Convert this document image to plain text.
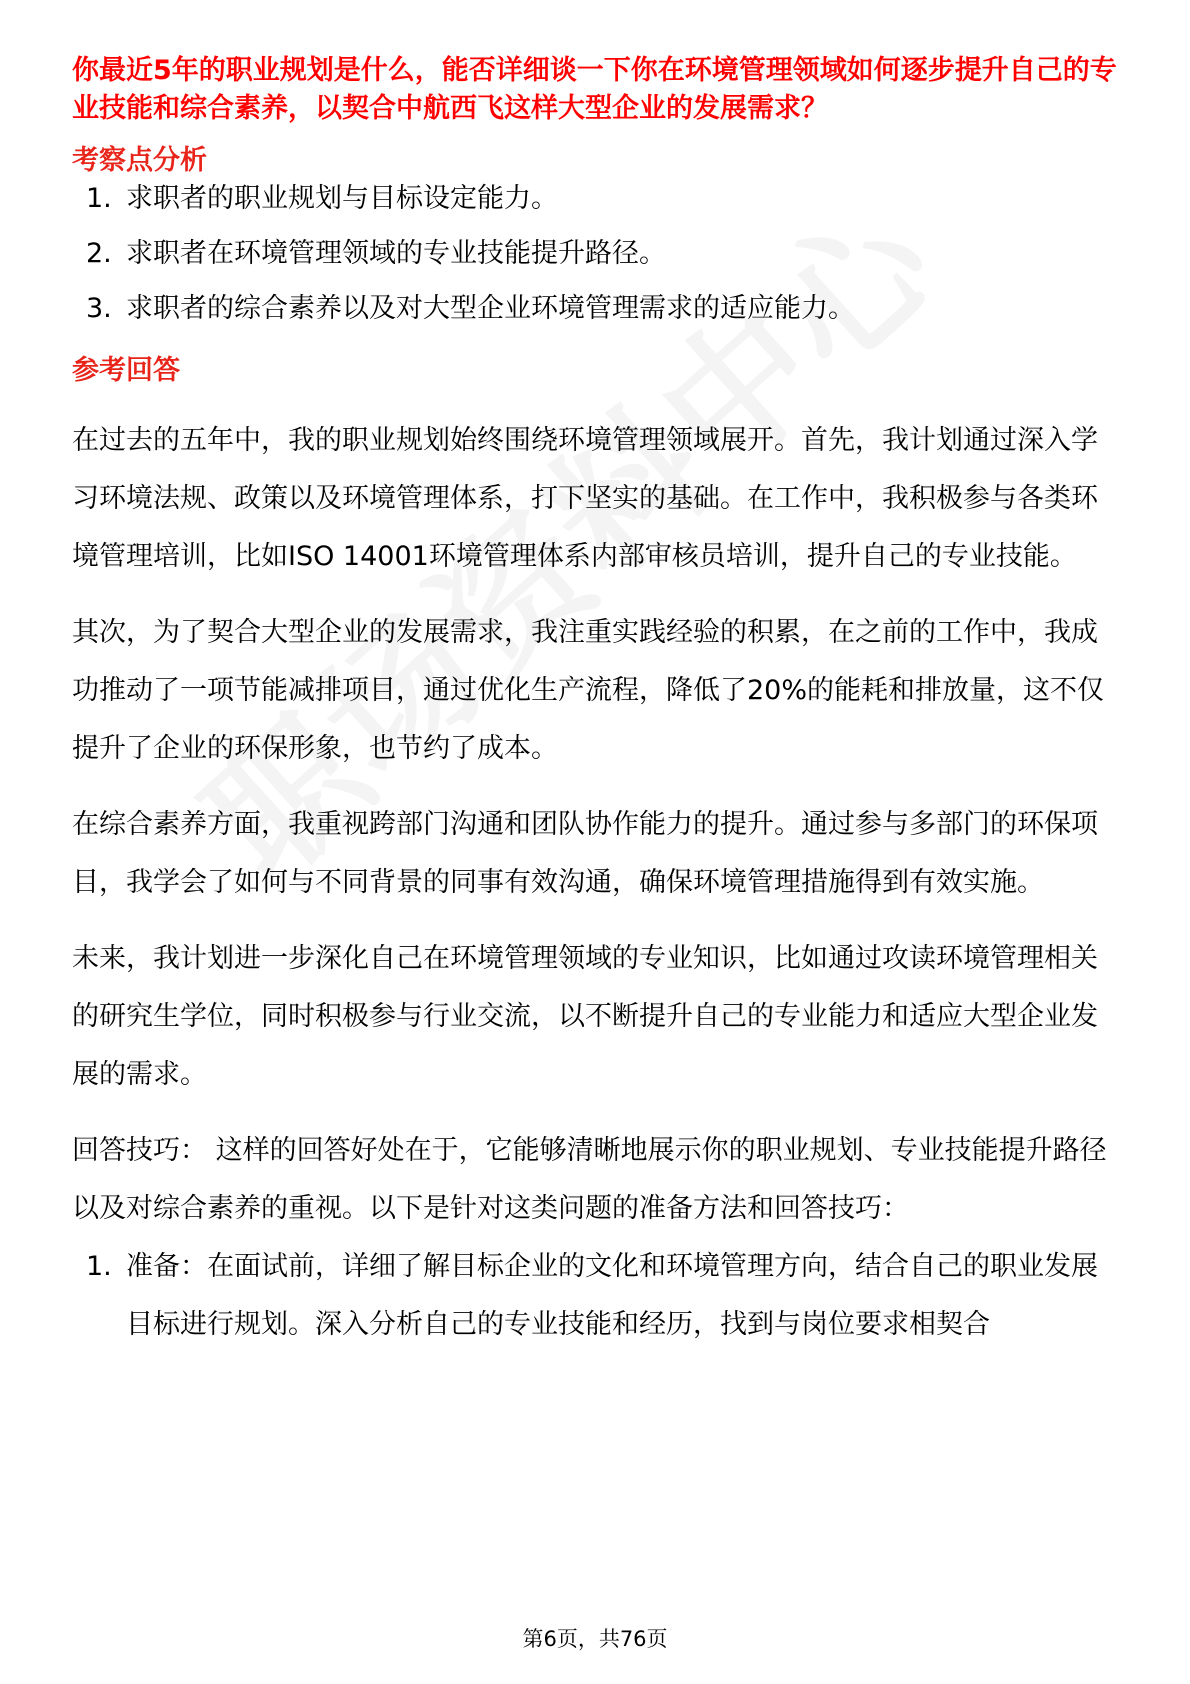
你最近5年的职业规划是什么，能否详细谈一下你在环境管理领域如何逐步提升自己的专业技能和综合素养，以契合中航西飞这样大型企业的发展需求？

考察点分析
1. 求职者的职业规划与目标设定能力。
2. 求职者在环境管理领域的专业技能提升路径。
3. 求职者的综合素养以及对大型企业环境管理需求的适应能力。
参考回答

在过去的五年中，我的职业规划始终围绕环境管理领域展开。首先，我计划通过深入学习环境法规、政策以及环境管理体系，打下坚实的基础。在工作中，我积极参与各类环境管理培训，比如ISO 14001环境管理体系内部审核员培训，提升自己的专业技能。

其次，为了契合大型企业的发展需求，我注重实践经验的积累，在之前的工作中，我成功推动了一项节能减排项目，通过优化生产流程，降低了20%的能耗和排放量，这不仅提升了企业的环保形象，也节约了成本。

在综合素养方面，我重视跨部门沟通和团队协作能力的提升。通过参与多部门的环保项目，我学会了如何与不同背景的同事有效沟通，确保环境管理措施得到有效实施。

未来，我计划进一步深化自己在环境管理领域的专业知识，比如通过攻读环境管理相关的研究生学位，同时积极参与行业交流，以不断提升自己的专业能力和适应大型企业发展的需求。

回答技巧： 这样的回答好处在于，它能够清晰地展示你的职业规划、专业技能提升路径以及对综合素养的重视。以下是针对这类问题的准备方法和回答技巧：

1. 准备：在面试前，详细了解目标企业的文化和环境管理方向，结合自己的职业发展目标进行规划。深入分析自己的专业技能和经历，找到与岗位要求相契合
第6页，共76页
